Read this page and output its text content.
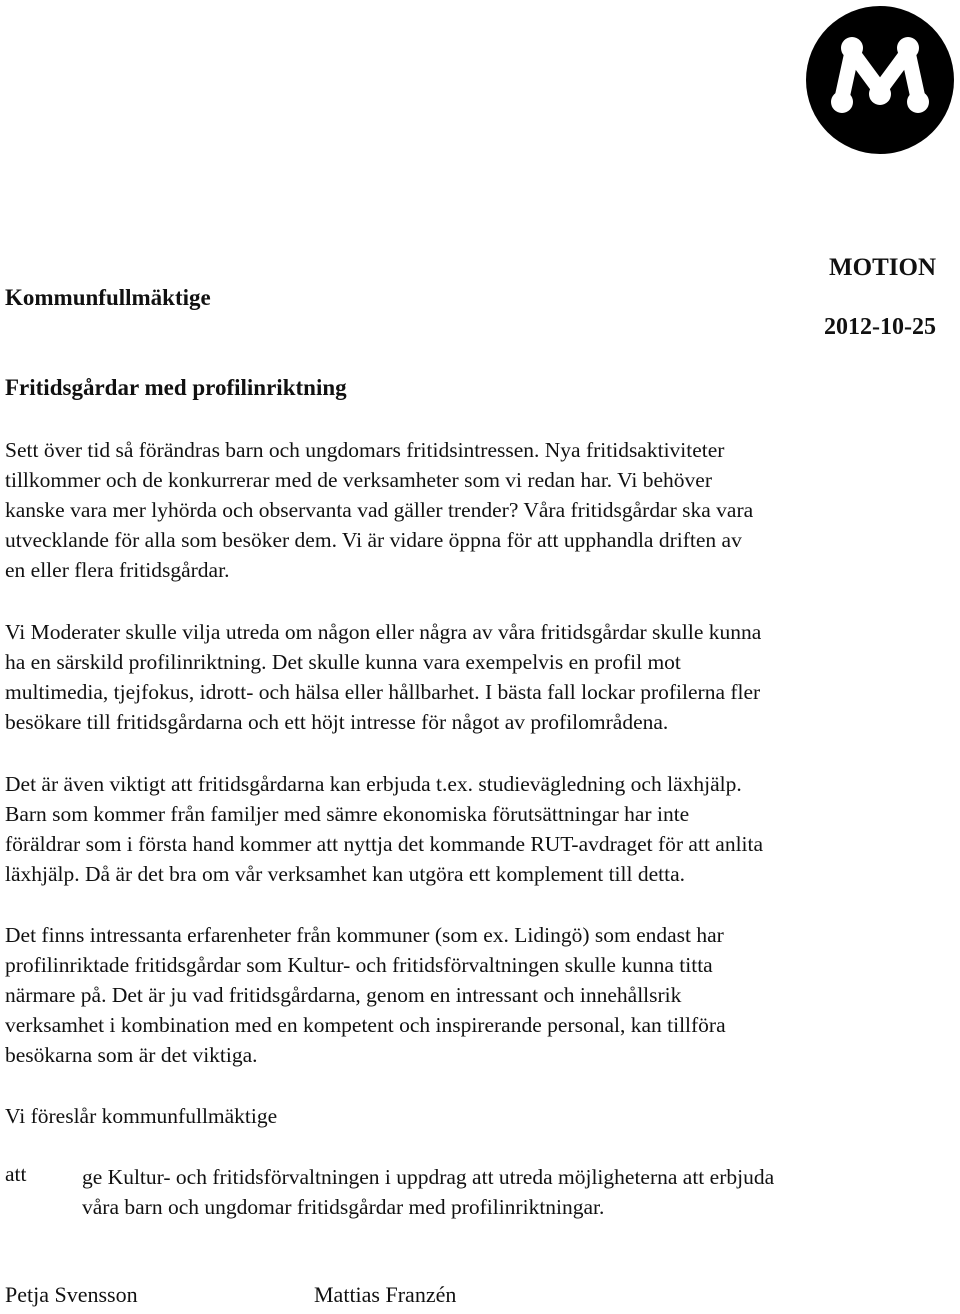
MOTION
2012-10-25
Kommunfullmäktige
Fritidsgårdar med profilinriktning

Sett över tid så förändras barn och ungdomars fritidsintressen. Nya fritidsaktiviteter
tillkommer och de konkurrerar med de verksamheter som vi redan har. Vi behöver
kanske vara mer lyhörda och observanta vad gäller trender? Våra fritidsgårdar ska vara
utvecklande för alla som besöker dem. Vi är vidare öppna för att upphandla driften av
en eller flera fritidsgårdar.

Vi Moderater skulle vilja utreda om någon eller några av våra fritidsgårdar skulle kunna
ha en särskild profilinriktning. Det skulle kunna vara exempelvis en profil mot
multimedia, tjejfokus, idrott- och hälsa eller hållbarhet. I bästa fall lockar profilerna fler
besökare till fritidsgårdarna och ett höjt intresse för något av profilområdena.

Det är även viktigt att fritidsgårdarna kan erbjuda t.ex. studievägledning och läxhjälp.
Barn som kommer från familjer med sämre ekonomiska förutsättningar har inte
föräldrar som i första hand kommer att nyttja det kommande RUT-avdraget för att anlita
läxhjälp. Då är det bra om vår verksamhet kan utgöra ett komplement till detta.

Det finns intressanta erfarenheter från kommuner (som ex. Lidingö) som endast har
profilinriktade fritidsgårdar som Kultur- och fritidsförvaltningen skulle kunna titta
närmare på. Det är ju vad fritidsgårdarna, genom en intressant och innehållsrik
verksamhet i kombination med en kompetent och inspirerande personal, kan tillföra
besökarna som är det viktiga.

Vi föreslår kommunfullmäktige

att	ge Kultur- och fritidsförvaltningen i uppdrag att utreda möjligheterna att erbjuda
våra barn och ungdomar fritidsgårdar med profilinriktningar.
Petja Svensson	Mattias Franzén
